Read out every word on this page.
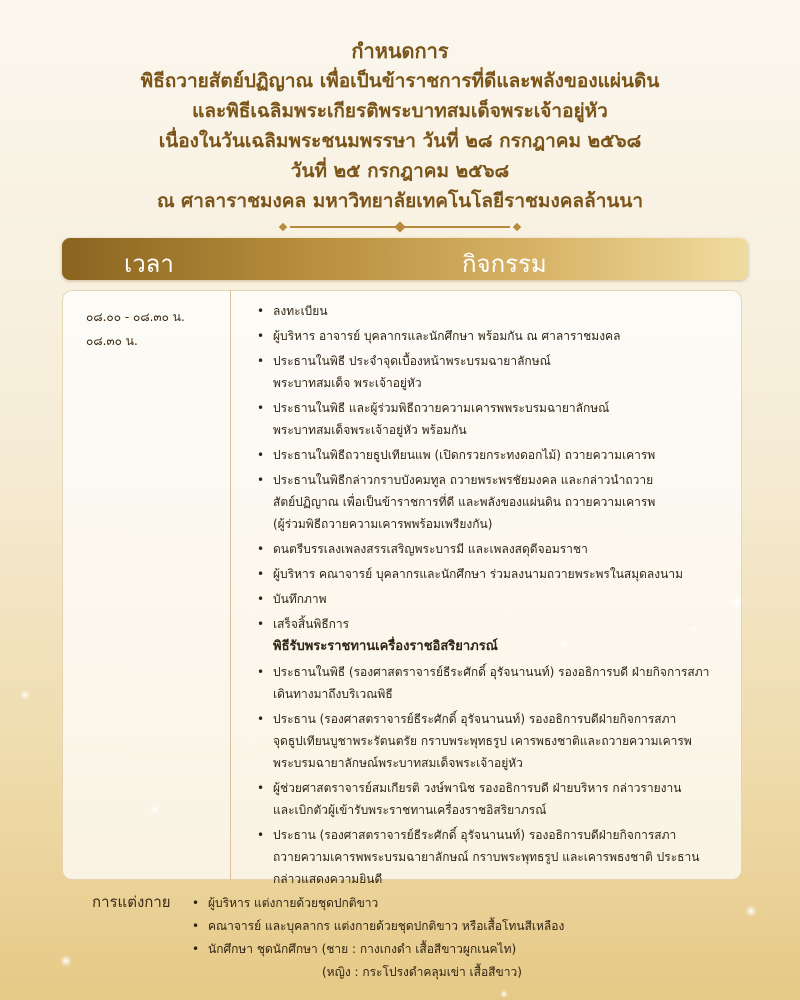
กำหนดการ
พิธีถวายสัตย์ปฏิญาณ เพื่อเป็นข้าราชการที่ดีและพลังของแผ่นดิน
และพิธีเฉลิมพระเกียรติพระบาทสมเด็จพระเจ้าอยู่หัว
เนื่องในวันเฉลิมพระชนมพรรษา วันที่ ๒๘ กรกฎาคม ๒๕๖๘
วันที่ ๒๕ กรกฎาคม ๒๕๖๘
ณ ศาลาราชมงคล มหาวิทยาลัยเทคโนโลยีราชมงคลล้านนา
เวลา	กิจกรรม
๐๘.๐๐ - ๐๘.๓๐ น.
๐๘.๓๐ น.
• ลงทะเบียน
• ผู้บริหาร อาจารย์ บุคลากรและนักศึกษา พร้อมกัน ณ ศาลาราชมงคล
• ประธานในพิธี ประจำจุดเบื้องหน้าพระบรมฉายาลักษณ์
พระบาทสมเด็จ พระเจ้าอยู่หัว
• ประธานในพิธี และผู้ร่วมพิธีถวายความเคารพพระบรมฉายาลักษณ์
พระบาทสมเด็จพระเจ้าอยู่หัว พร้อมกัน
• ประธานในพิธีถวายธูปเทียนแพ (เปิดกรวยกระทงดอกไม้) ถวายความเคารพ
• ประธานในพิธีกล่าวกราบบังคมทูล ถวายพระพรชัยมงคล และกล่าวนำถวาย
สัตย์ปฏิญาณ เพื่อเป็นข้าราชการที่ดี และพลังของแผ่นดิน ถวายความเคารพ
(ผู้ร่วมพิธีถวายความเคารพพร้อมเพรียงกัน)
• ดนตรีบรรเลงเพลงสรรเสริญพระบารมี และเพลงสดุดีจอมราชา
• ผู้บริหาร คณาจารย์ บุคลากรและนักศึกษา ร่วมลงนามถวายพระพรในสมุดลงนาม
• บันทึกภาพ
• เสร็จสิ้นพิธีการ
พิธีรับพระราชทานเครื่องราชอิสริยาภรณ์
• ประธานในพิธี (รองศาสตราจารย์ธีระศักดิ์ อุรัจนานนท์) รองอธิการบดี ฝ่ายกิจการสภา
เดินทางมาถึงบริเวณพิธี
• ประธาน (รองศาสตราจารย์ธีระศักดิ์ อุรัจนานนท์) รองอธิการบดีฝ่ายกิจการสภา
จุดธูปเทียนบูชาพระรัตนตรัย กราบพระพุทธรูป เคารพธงชาติและถวายความเคารพ
พระบรมฉายาลักษณ์พระบาทสมเด็จพระเจ้าอยู่หัว
• ผู้ช่วยศาสตราจารย์สมเกียรติ วงษ์พานิช รองอธิการบดี ฝ่ายบริหาร กล่าวรายงาน
และเบิกตัวผู้เข้ารับพระราชทานเครื่องราชอิสริยาภรณ์
• ประธาน (รองศาสตราจารย์ธีระศักดิ์ อุรัจนานนท์) รองอธิการบดีฝ่ายกิจการสภา
ถวายความเคารพพระบรมฉายาลักษณ์ กราบพระพุทธรูป และเคารพธงชาติ ประธาน
กล่าวแสดงความยินดี
การแต่งกาย
•	ผู้บริหาร แต่งกายด้วยชุดปกติขาว
• คณาจารย์ และบุคลากร แต่งกายด้วยชุดปกติขาว หรือเสื้อโทนสีเหลือง
• นักศึกษา ชุดนักศึกษา (ชาย : กางเกงดำ เสื้อสีขาวผูกเนคไท)
(หญิง : กระโปรงดำคลุมเข่า เสื้อสีขาว)
